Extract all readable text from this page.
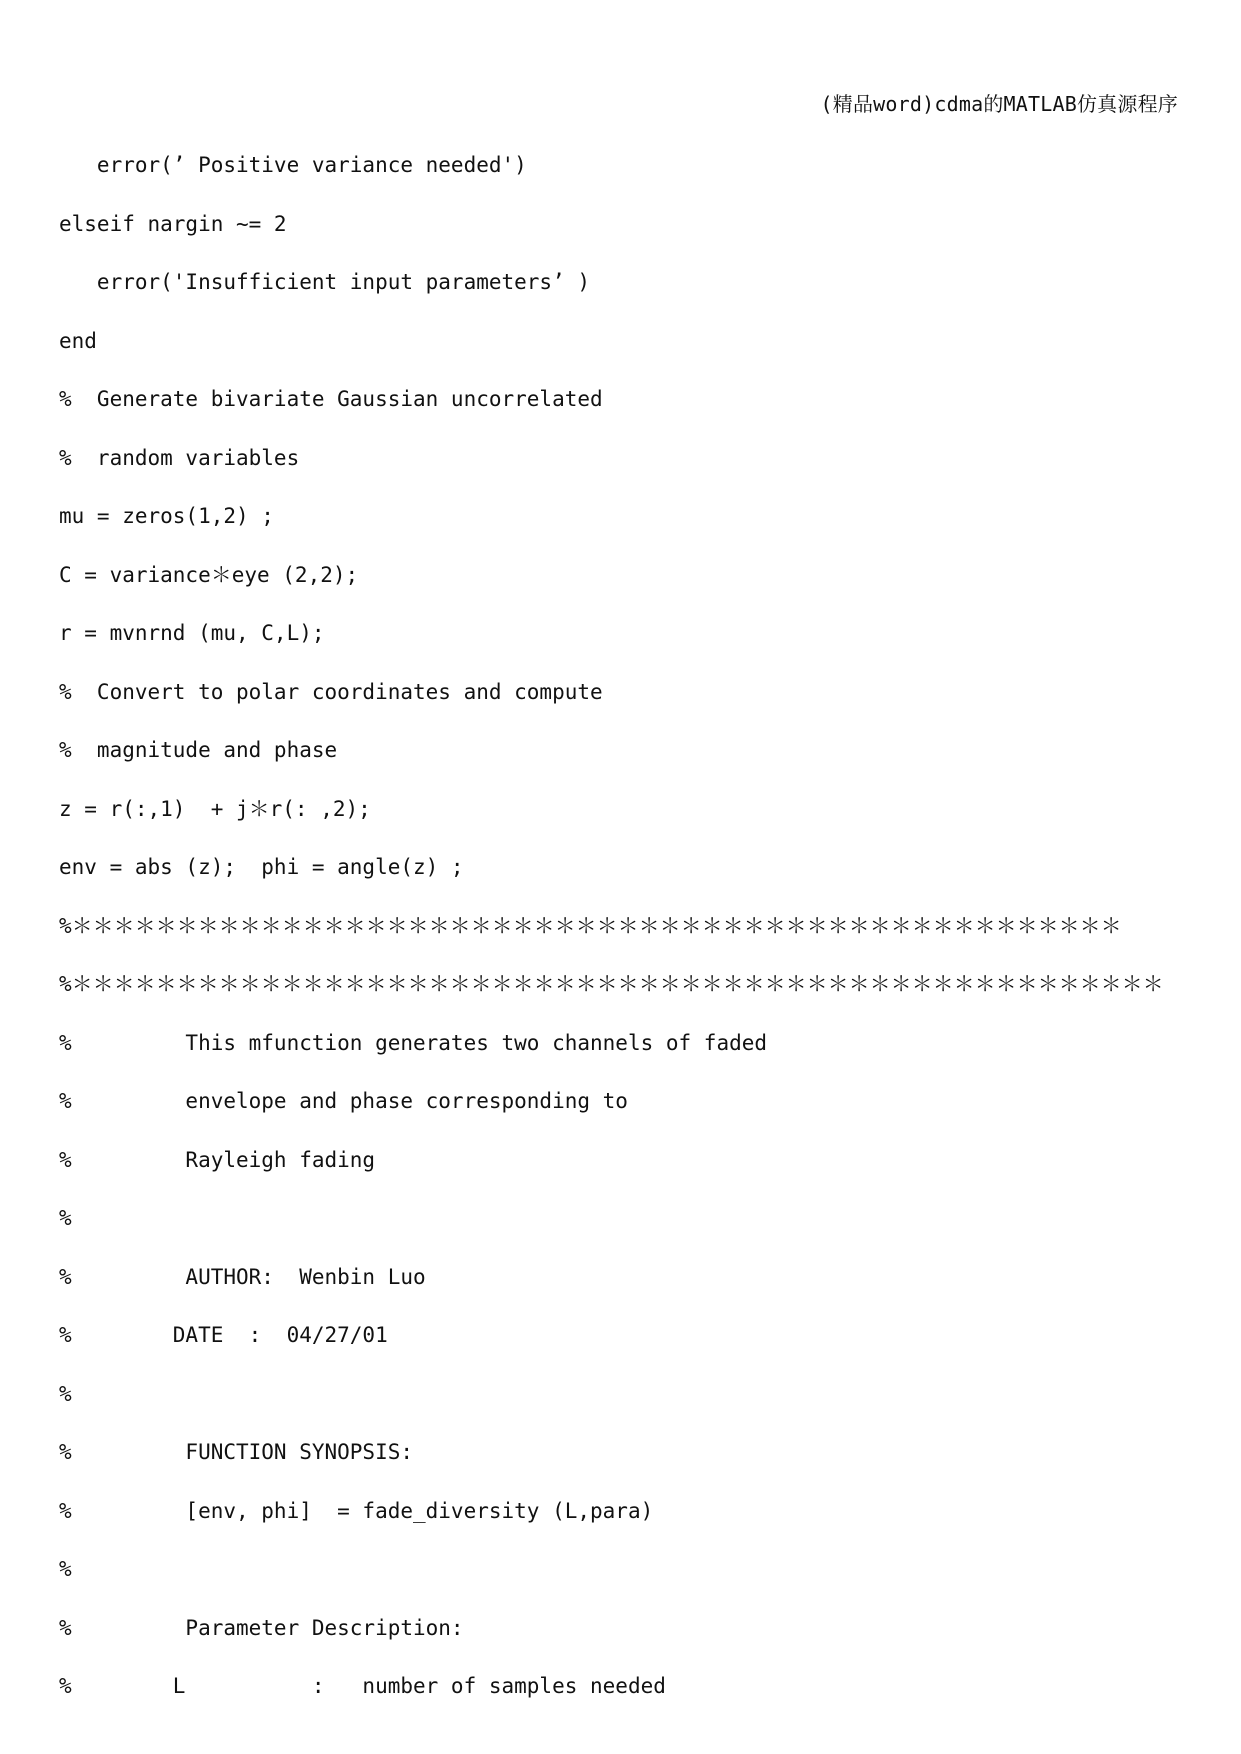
(精品word)cdma的MATLAB仿真源程序
error(’ Positive variance needed')
elseif nargin ~= 2
error('Insufficient input parameters’ )
end
%  Generate bivariate Gaussian uncorrelated
%  random variables
mu = zeros(1,2) ;
C = variance＊eye (2,2);
r = mvnrnd (mu, C,L);
%  Convert to polar coordinates and compute
%  magnitude and phase
z = r(:,1)  + j＊r(: ,2);
env = abs (z);  phi = angle(z) ;
%＊＊＊＊＊＊＊＊＊＊＊＊＊＊＊＊＊＊＊＊＊＊＊＊＊＊＊＊＊＊＊＊＊＊＊＊＊＊＊＊＊＊＊＊＊＊＊＊＊＊
%＊＊＊＊＊＊＊＊＊＊＊＊＊＊＊＊＊＊＊＊＊＊＊＊＊＊＊＊＊＊＊＊＊＊＊＊＊＊＊＊＊＊＊＊＊＊＊＊＊＊＊＊
%         This mfunction generates two channels of faded
%         envelope and phase corresponding to
%         Rayleigh fading
%
%         AUTHOR:  Wenbin Luo
%        DATE  :  04/27/01
%
%         FUNCTION SYNOPSIS:
%         [env, phi]  = fade_diversity (L,para)
%
%         Parameter Description:
%        L          :   number of samples needed
